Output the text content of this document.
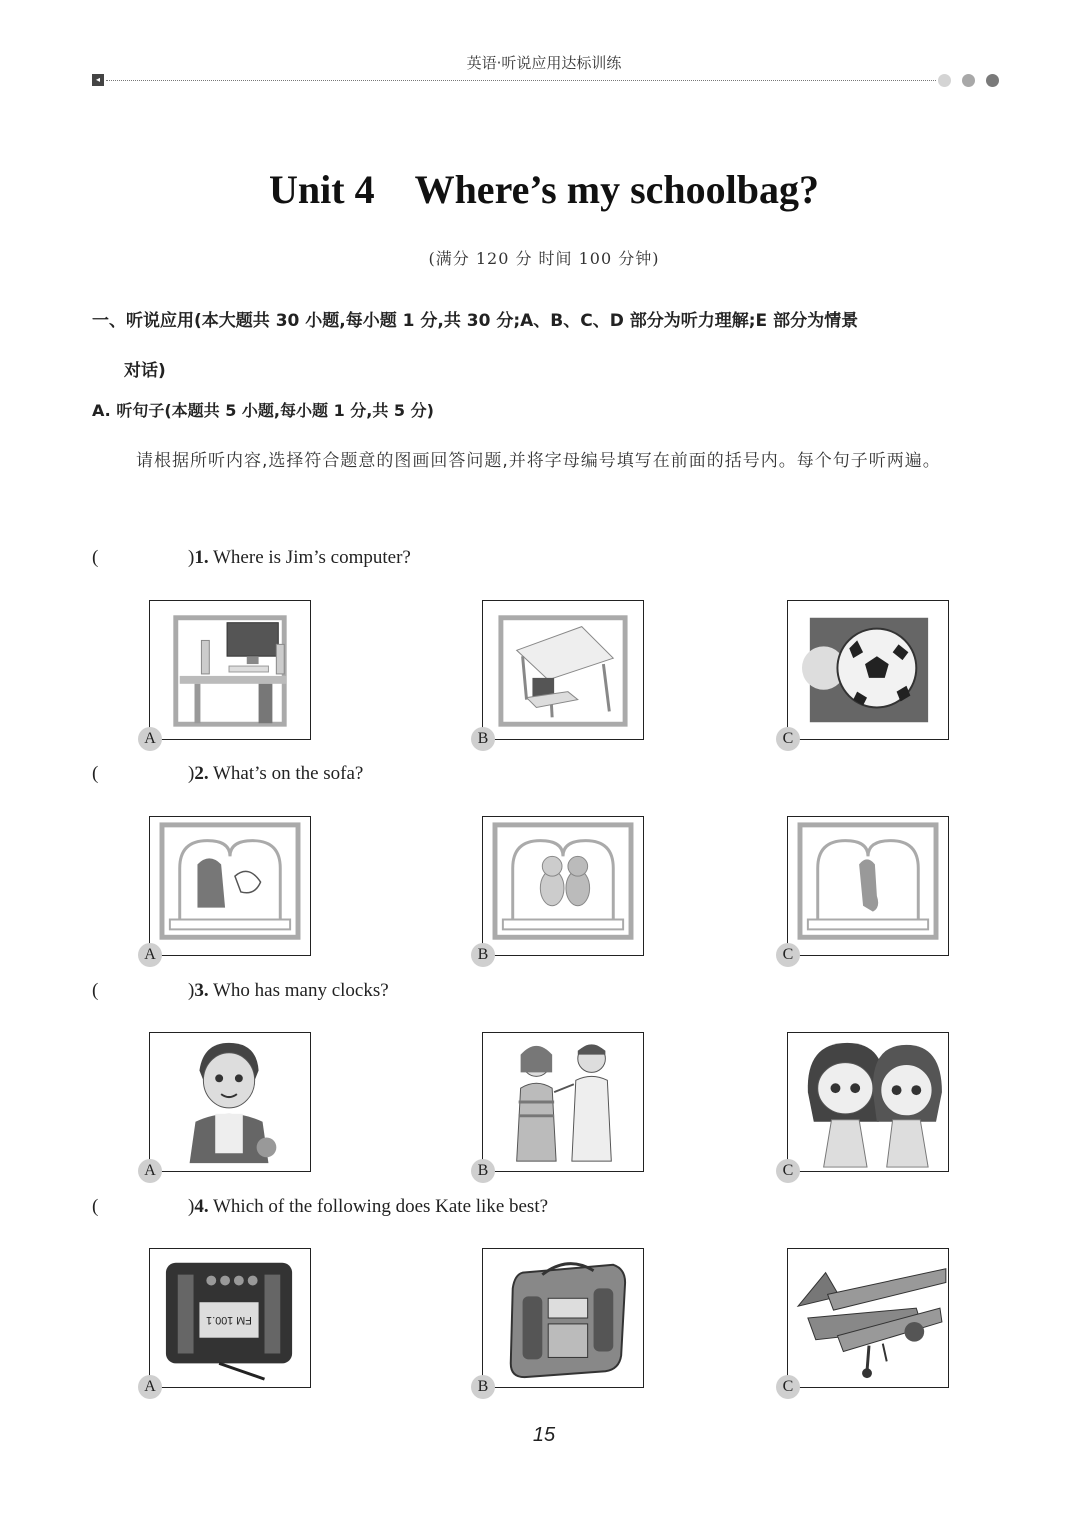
英语·听说应用达标训练
◂
Unit 4　Where’s my schoolbag?
(满分 120 分 时间 100 分钟)

一、听说应用(本大题共 30 小题,每小题 1 分,共 30 分;A、B、C、D 部分为听力理解;E 部分为情景
对话)

A. 听句子(本题共 5 小题,每小题 1 分,共 5 分)

请根据所听内容,选择符合题意的图画回答问题,并将字母编号填写在前面的括号内。每个句子听两遍。

(	)1. Where is Jim’s computer?
A	B	C
(	)2. What’s on the sofa?
A	B	C
(	)3. Who has many clocks?
A	B	C
(	)4. Which of the following does Kate like best?
FM 100.1
A	B	C
15
